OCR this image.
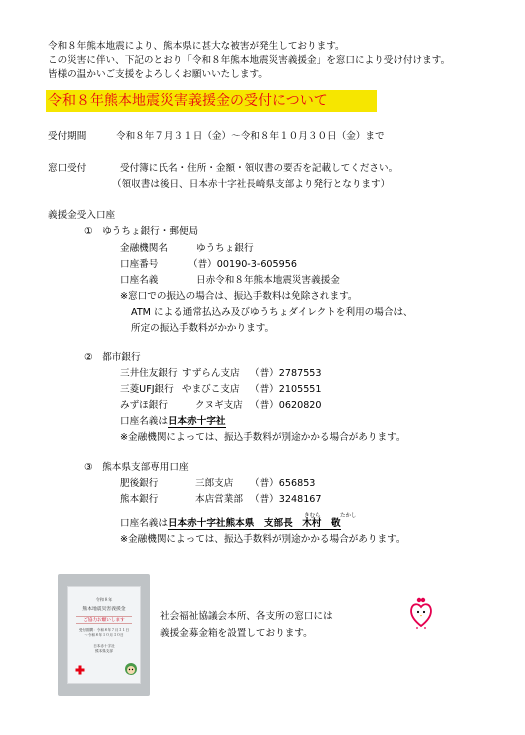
令和８年熊本地震により、熊本県に甚大な被害が発生しております。
この災害に伴い、下記のとおり「令和８年熊本地震災害義援金」を窓口により受け付けます。
皆様の温かいご支援をよろしくお願いいたします。
令和８年熊本地震災害義援金の受付について
受付期間	令和８年７月３１日（金）～令和８年１０月３０日（金）まで
窓口受付	受付簿に氏名・住所・金額・領収書の要否を記載してください。
（領収書は後日、日本赤十字社長崎県支部より発行となります）
義援金受入口座
①　ゆうちょ銀行・郵便局
金融機関名	ゆうちょ銀行
口座番号	（普）00190-3-605956
口座名義	日赤令和８年熊本地震災害義援金
※窓口での振込の場合は、振込手数料は免除されます。
ATM による通常払込み及びゆうちょダイレクトを利用の場合は、
所定の振込手数料がかかります。
②　都市銀行
三井住友銀行 すずらん支店 （普）2787553
三菱UFJ銀行 やまびこ支店 （普）2105551
みずほ銀行	クヌギ支店 （普）0620820
口座名義は日本赤十字社
※金融機関によっては、振込手数料が別途かかる場合があります。
③　熊本県支部専用口座
肥後銀行	三郎支店 （普）656853
熊本銀行	本店営業部 （普）3248167
きむら	たかし
口座名義は日本赤十字社熊本県　支部長　木村　敬
※金融機関によっては、振込手数料が別途かかる場合があります。
令和８年
熊本地震災害義援金
ご協力お願いします
受付期間：令和８年７月３１日
～令和８年１０月３０日
日本赤十字社
熊本県支部
社会福祉協議会本所、各支所の窓口には
義援金募金箱を設置しております。
